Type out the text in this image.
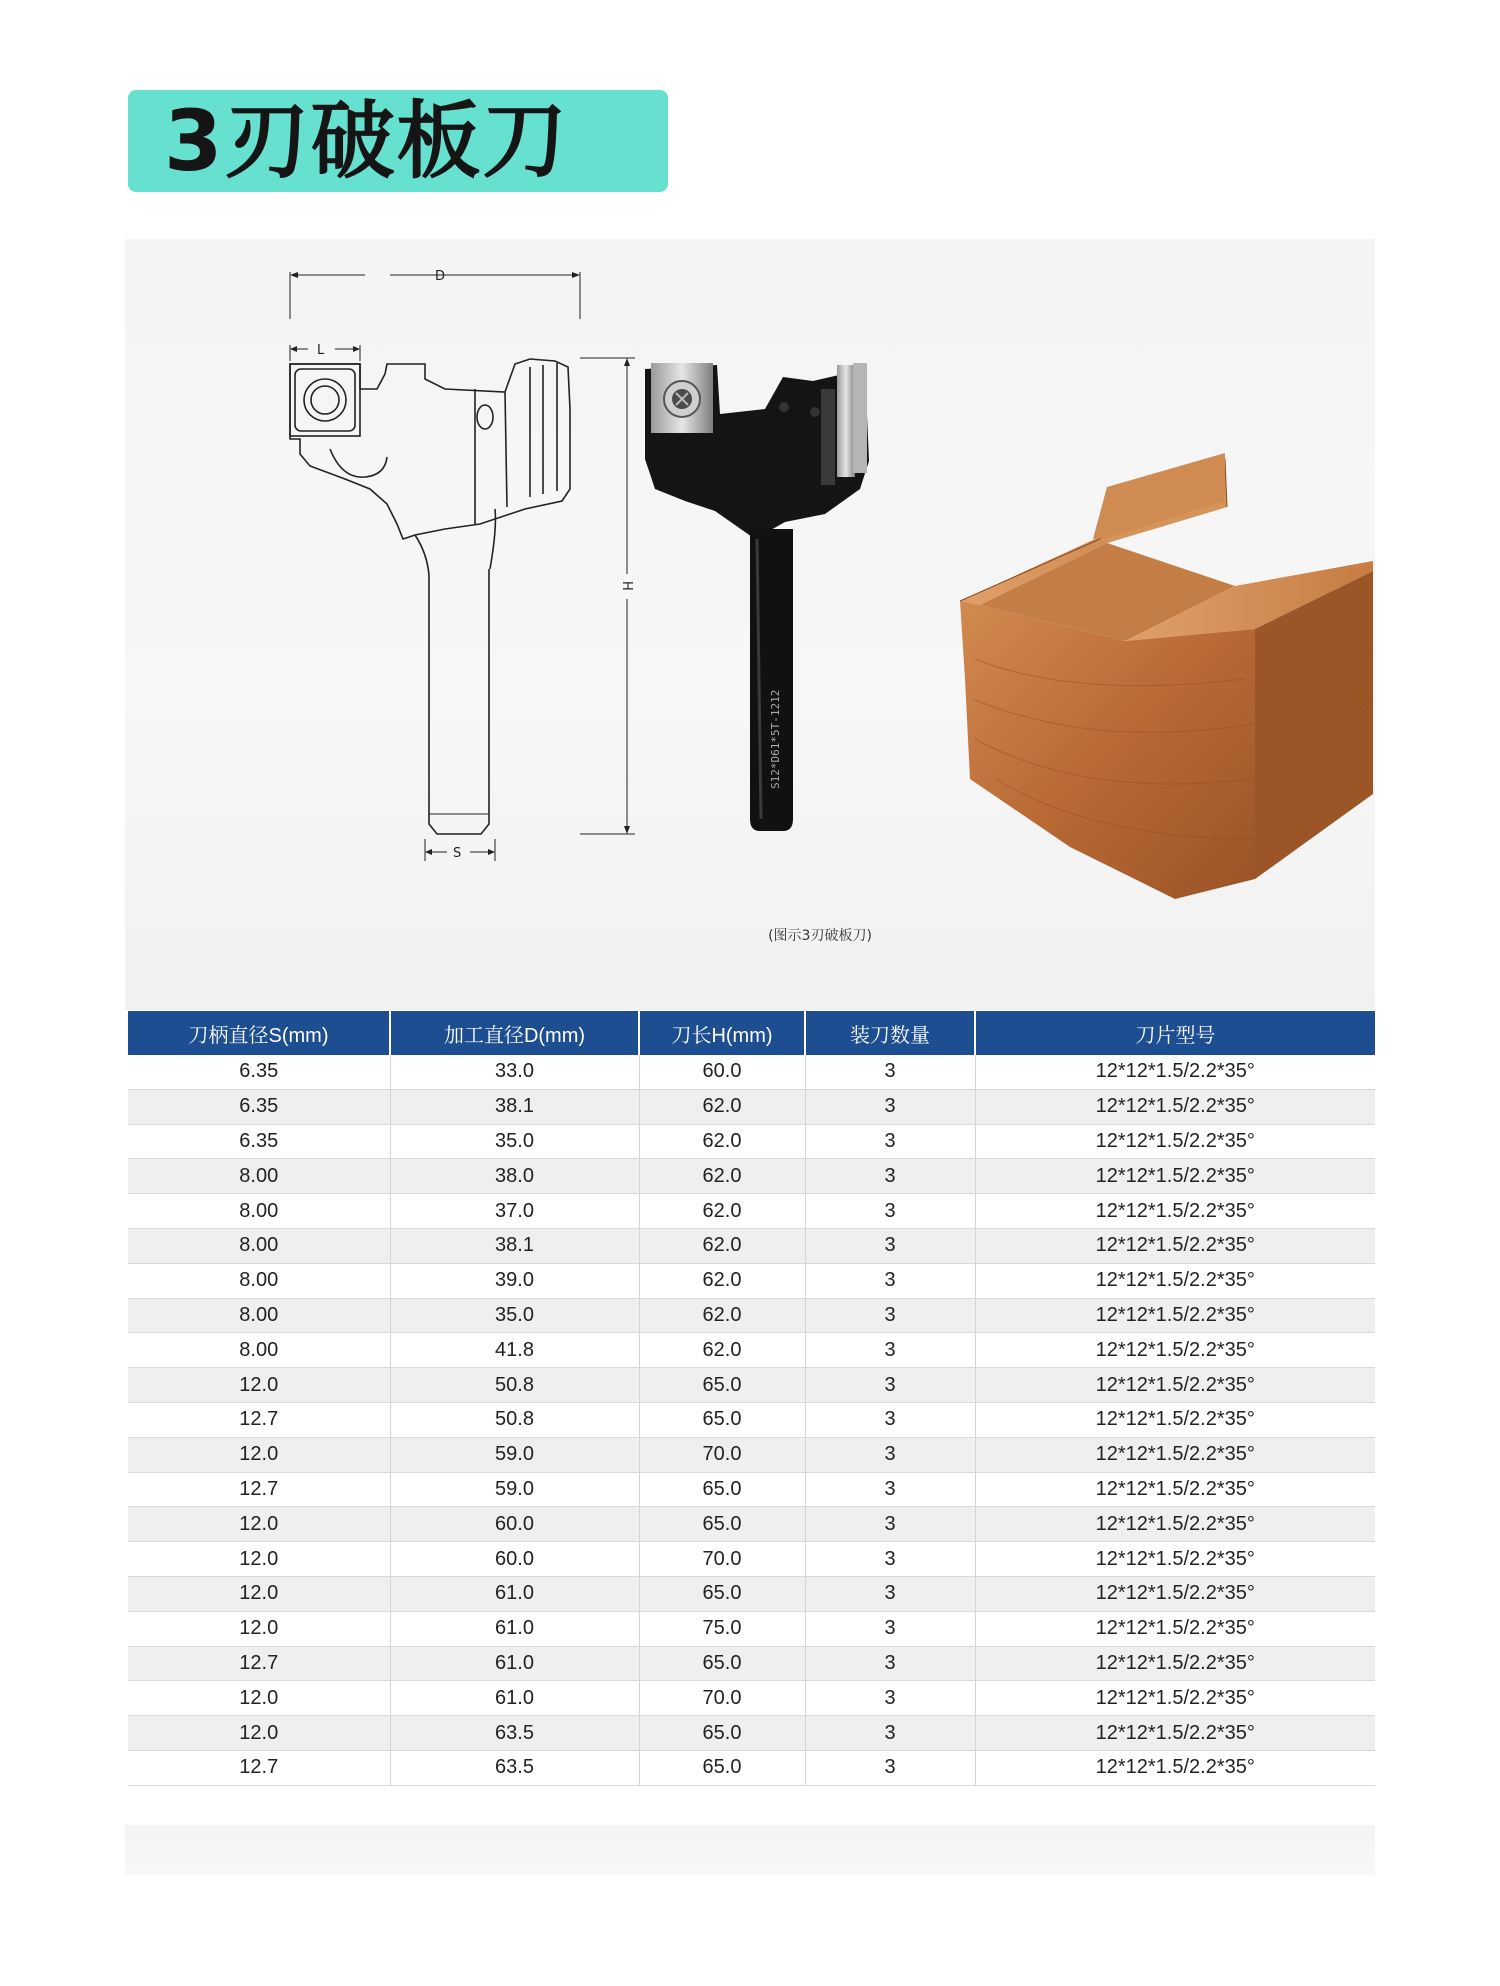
3刃破板刀
D
L
H
S
S12*D61*5T-1212
(图示3刃破板刀)
刀柄直径S(mm)	加工直径D(mm)	刀长H(mm)	装刀数量	刀片型号
6.35	33.0	60.0	3	12*12*1.5/2.2*35°
6.35	38.1	62.0	3	12*12*1.5/2.2*35°
6.35	35.0	62.0	3	12*12*1.5/2.2*35°
8.00	38.0	62.0	3	12*12*1.5/2.2*35°
8.00	37.0	62.0	3	12*12*1.5/2.2*35°
8.00	38.1	62.0	3	12*12*1.5/2.2*35°
8.00	39.0	62.0	3	12*12*1.5/2.2*35°
8.00	35.0	62.0	3	12*12*1.5/2.2*35°
8.00	41.8	62.0	3	12*12*1.5/2.2*35°
12.0	50.8	65.0	3	12*12*1.5/2.2*35°
12.7	50.8	65.0	3	12*12*1.5/2.2*35°
12.0	59.0	70.0	3	12*12*1.5/2.2*35°
12.7	59.0	65.0	3	12*12*1.5/2.2*35°
12.0	60.0	65.0	3	12*12*1.5/2.2*35°
12.0	60.0	70.0	3	12*12*1.5/2.2*35°
12.0	61.0	65.0	3	12*12*1.5/2.2*35°
12.0	61.0	75.0	3	12*12*1.5/2.2*35°
12.7	61.0	65.0	3	12*12*1.5/2.2*35°
12.0	61.0	70.0	3	12*12*1.5/2.2*35°
12.0	63.5	65.0	3	12*12*1.5/2.2*35°
12.7	63.5	65.0	3	12*12*1.5/2.2*35°
